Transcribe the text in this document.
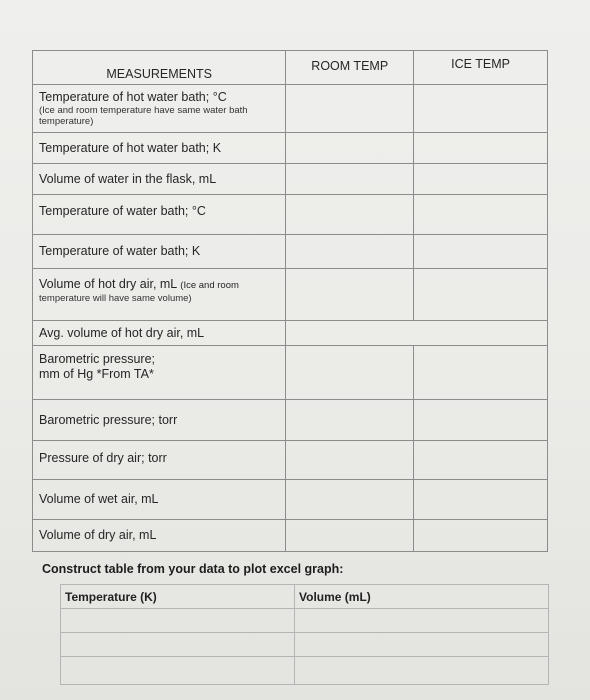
MEASUREMENTS	ROOM TEMP	ICE TEMP
Temperature of hot water bath; °C
(Ice and room temperature have same water bath temperature)		

Temperature of hot water bath; K		
Volume of water in the flask, mL		
Temperature of water bath; °C		
Temperature of water bath; K		
Volume of hot dry air, mL (Ice and room
temperature will have same volume)		

Avg. volume of hot dry air, mL		

Barometric pressure;
mm of Hg *From TA*		

Barometric pressure; torr		
Pressure of dry air; torr		
Volume of wet air, mL		
Volume of dry air, mL		
Construct table from your data to plot excel graph:
Temperature (K)	Volume (mL)
